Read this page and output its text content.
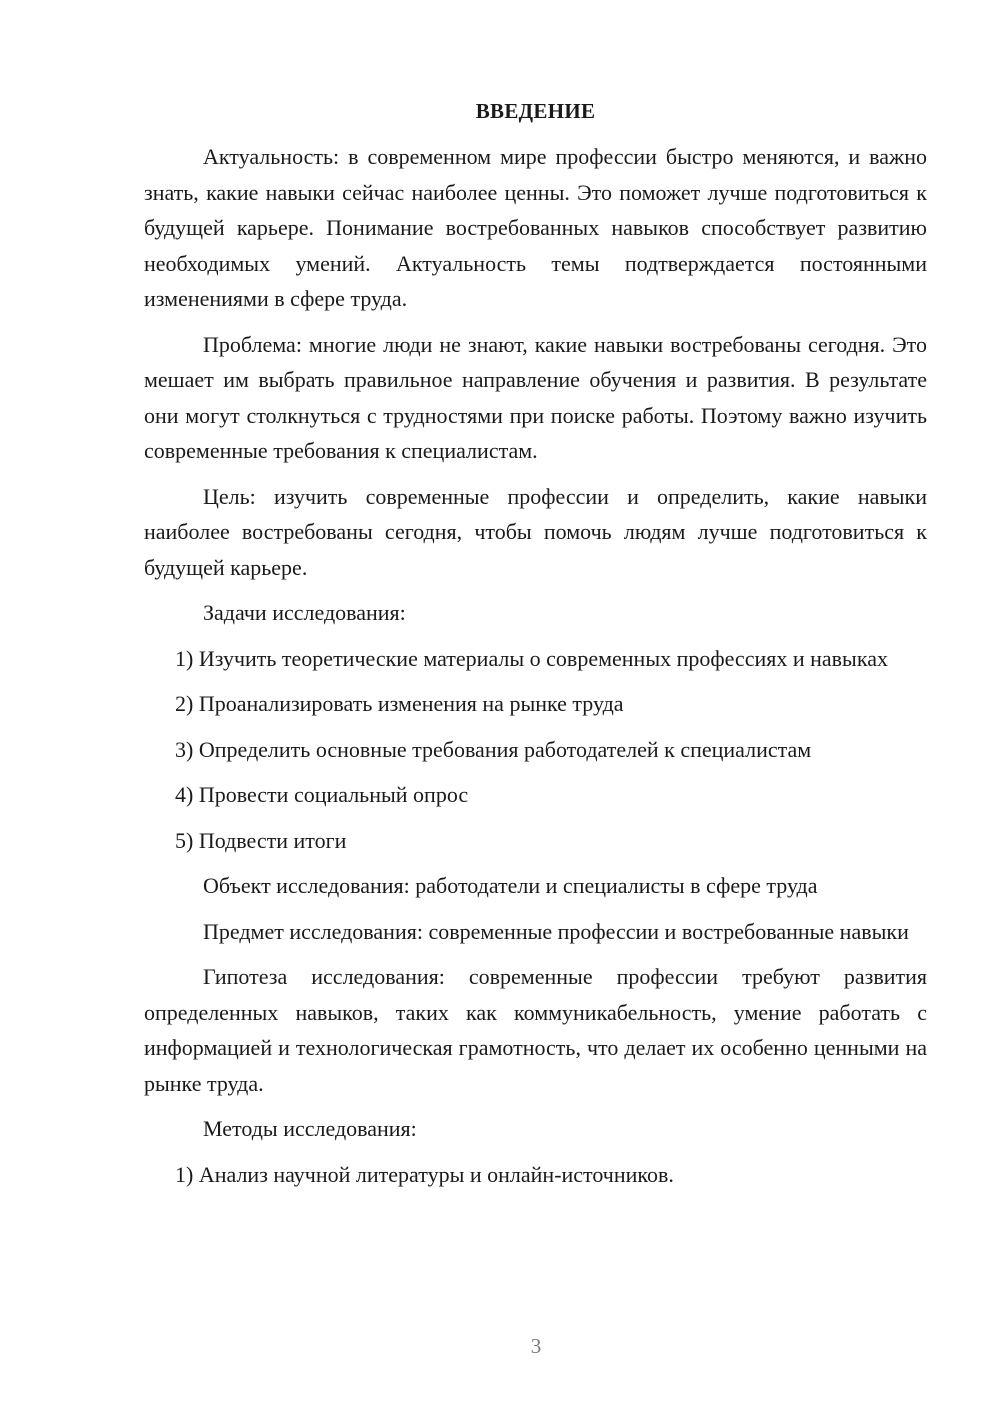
ВВЕДЕНИЕ

Актуальность: в современном мире профессии быстро меняются, и важно знать, какие навыки сейчас наиболее ценны. Это поможет лучше подготовиться к будущей карьере. Понимание востребованных навыков способствует развитию необходимых умений. Актуальность темы подтверждается постоянными изменениями в сфере труда.

Проблема: многие люди не знают, какие навыки востребованы сегодня. Это мешает им выбрать правильное направление обучения и развития. В результате они могут столкнуться с трудностями при поиске работы. Поэтому важно изучить современные требования к специалистам.

Цель: изучить современные профессии и определить, какие навыки наиболее востребованы сегодня, чтобы помочь людям лучше подготовиться к будущей карьере.

Задачи исследования:

1) Изучить теоретические материалы о современных профессиях и навыках

2) Проанализировать изменения на рынке труда

3) Определить основные требования работодателей к специалистам

4) Провести социальный опрос

5) Подвести итоги

Объект исследования: работодатели и специалисты в сфере труда

Предмет исследования: современные профессии и востребованные навыки

Гипотеза исследования: современные профессии требуют развития определенных навыков, таких как коммуникабельность, умение работать с информацией и технологическая грамотность, что делает их особенно ценными на рынке труда.

Методы исследования:

1) Анализ научной литературы и онлайн-источников.

3
